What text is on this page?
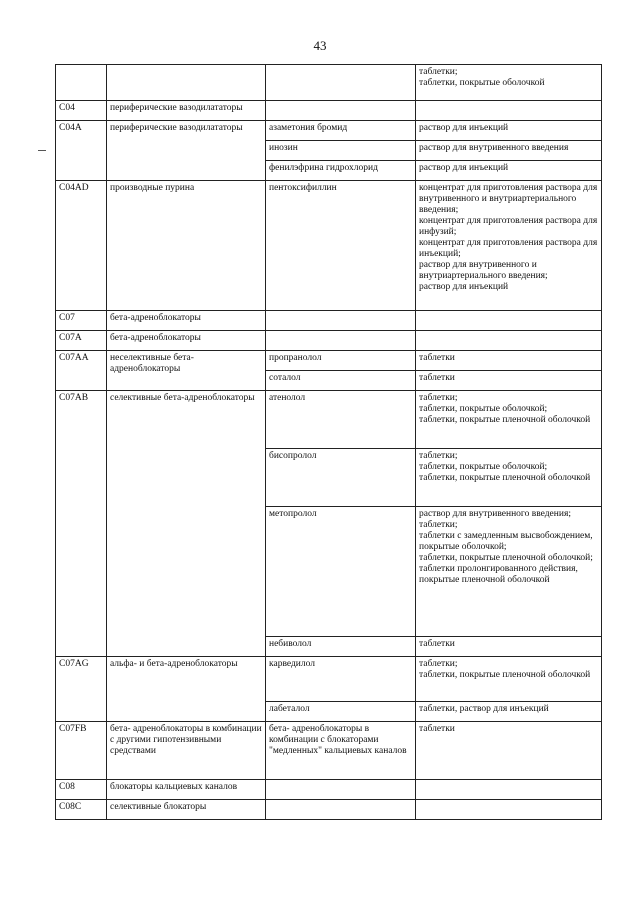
43

			таблетки;
таблетки, покрытые оболочкой

C04	периферические вазодилататоры		
C04A	периферические вазодилататоры	азаметония бромид	раствор для инъекций

		инозин	раствор для внутривенного введения

		фенилэфрина гидрохлорид	раствор для инъекций

C04AD	производные пурина	пентоксифиллин	концентрат для приготовления раствора для внутривенного и внутриартериального введения;
концентрат для приготовления раствора для инфузий;
концентрат для приготовления раствора для инъекций;
раствор для внутривенного и внутриартериального введения;
раствор для инъекций

C07	бета-адреноблокаторы		
C07A	бета-адреноблокаторы		
C07AA	неселективные бета-адреноблокаторы	пропранолол	таблетки

		соталол	таблетки

C07AB	селективные бета-адреноблокаторы	атенолол	таблетки;
таблетки, покрытые оболочкой;
таблетки, покрытые пленочной оболочкой

		бисопролол	таблетки;
таблетки, покрытые оболочкой;
таблетки, покрытые пленочной оболочкой

		метопролол	раствор для внутривенного введения;
таблетки;
таблетки с замедленным высвобождением, покрытые оболочкой;
таблетки, покрытые пленочной оболочкой;
таблетки пролонгированного действия, покрытые пленочной оболочкой

		небиволол	таблетки

C07AG	альфа- и бета-адреноблокаторы	карведилол	таблетки;
таблетки, покрытые пленочной оболочкой

		лабеталол	таблетки, раствор для инъекций

C07FB	бета- адреноблокаторы в комбинации с другими гипотензивными средствами	бета- адреноблокаторы в комбинации с блокаторами "медленных" кальциевых каналов	таблетки

C08	блокаторы кальциевых каналов		
C08C	селективные блокаторы		
